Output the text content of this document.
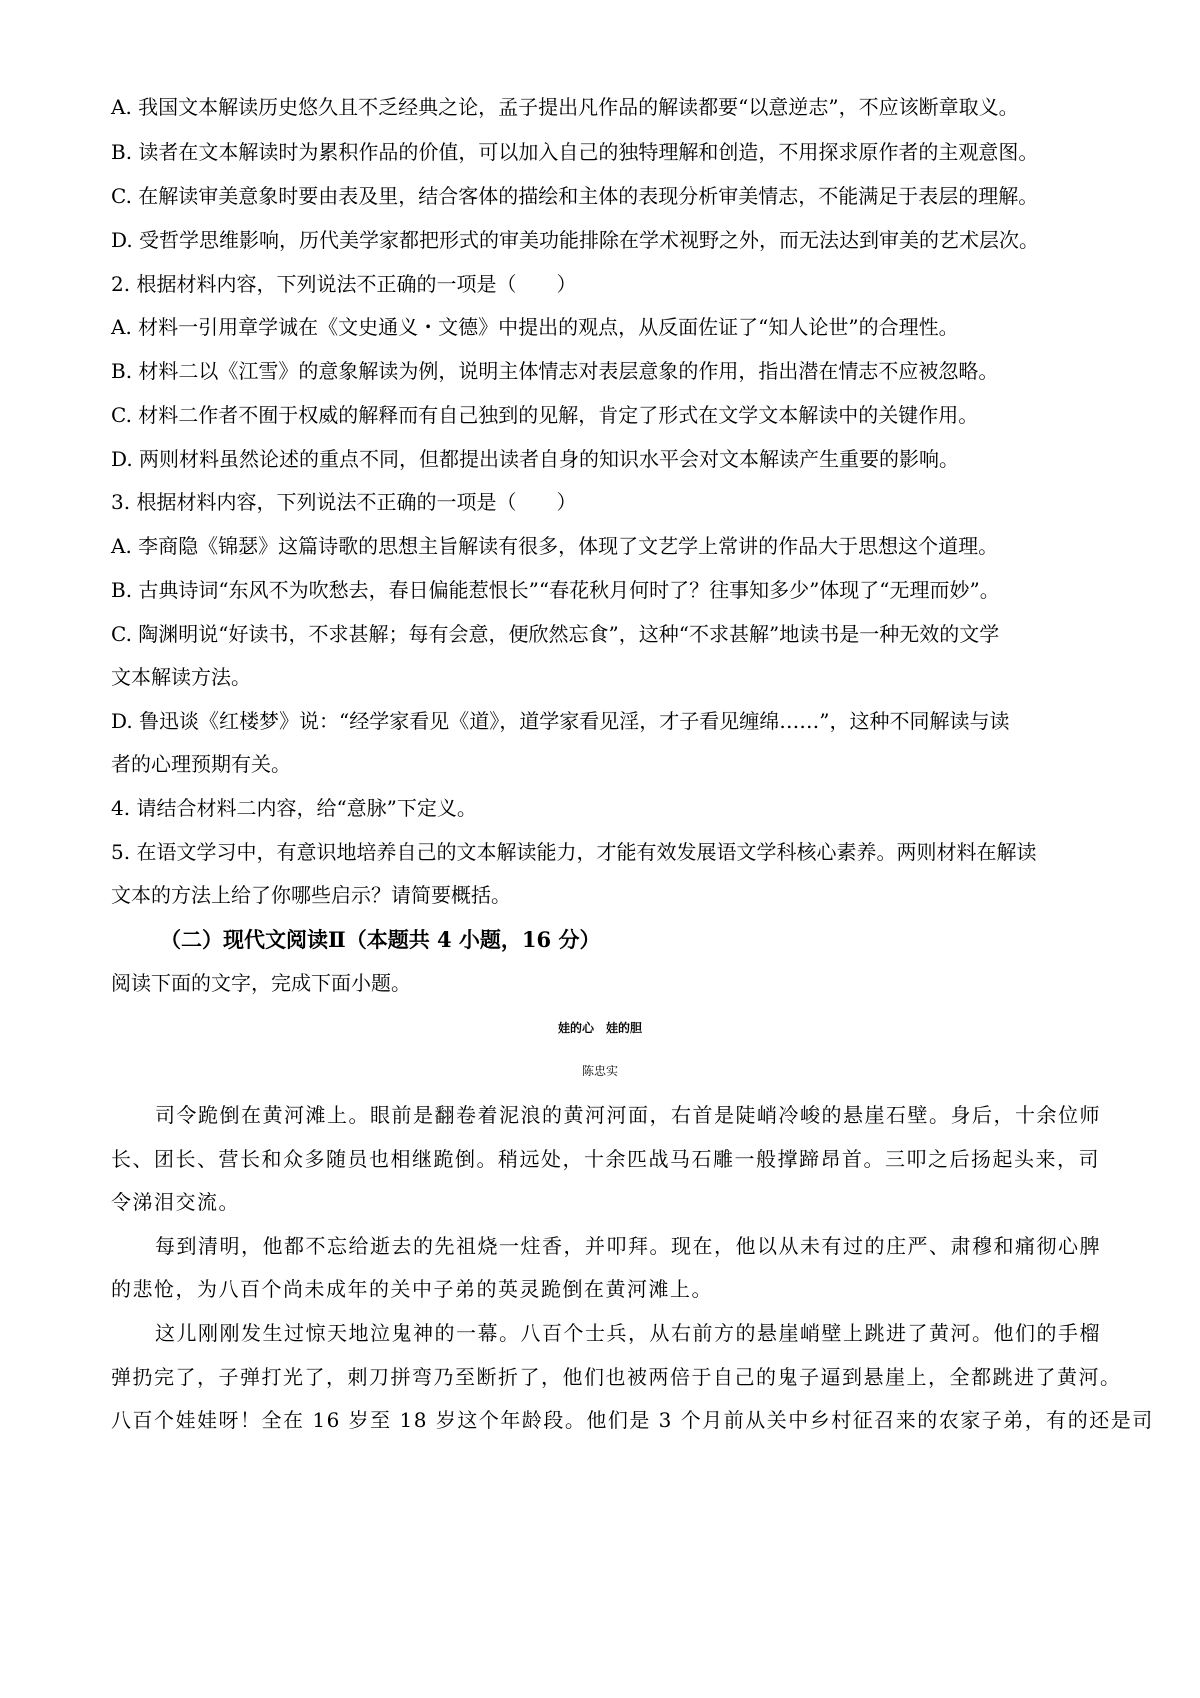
A. 我国文本解读历史悠久且不乏经典之论，孟子提出凡作品的解读都要“以意逆志”，不应该断章取义。
B. 读者在文本解读时为累积作品的价值，可以加入自己的独特理解和创造，不用探求原作者的主观意图。
C. 在解读审美意象时要由表及里，结合客体的描绘和主体的表现分析审美情志，不能满足于表层的理解。
D. 受哲学思维影响，历代美学家都把形式的审美功能排除在学术视野之外，而无法达到审美的艺术层次。
2. 根据材料内容，下列说法不正确的一项是（　　）
A. 材料一引用章学诚在《文史通义・文德》中提出的观点，从反面佐证了“知人论世”的合理性。
B. 材料二以《江雪》的意象解读为例，说明主体情志对表层意象的作用，指出潜在情志不应被忽略。
C. 材料二作者不囿于权威的解释而有自己独到的见解，肯定了形式在文学文本解读中的关键作用。
D. 两则材料虽然论述的重点不同，但都提出读者自身的知识水平会对文本解读产生重要的影响。
3. 根据材料内容，下列说法不正确的一项是（　　）
A. 李商隐《锦瑟》这篇诗歌的思想主旨解读有很多，体现了文艺学上常讲的作品大于思想这个道理。
B. 古典诗词“东风不为吹愁去，春日偏能惹恨长”“春花秋月何时了？往事知多少”体现了“无理而妙”。
C. 陶渊明说“好读书，不求甚解；每有会意，便欣然忘食”，这种“不求甚解”地读书是一种无效的文学
文本解读方法。
D. 鲁迅谈《红楼梦》说：“经学家看见《道》，道学家看见淫，才子看见缠绵……”，这种不同解读与读
者的心理预期有关。
4. 请结合材料二内容，给“意脉”下定义。
5. 在语文学习中，有意识地培养自己的文本解读能力，才能有效发展语文学科核心素养。两则材料在解读
文本的方法上给了你哪些启示？请简要概括。
（二）现代文阅读Ⅱ（本题共 4 小题，16 分）
阅读下面的文字，完成下面小题。
娃的心　娃的胆
陈忠实
司令跪倒在黄河滩上。眼前是翻卷着泥浪的黄河河面，右首是陡峭冷峻的悬崖石壁。身后，十余位师
长、团长、营长和众多随员也相继跪倒。稍远处，十余匹战马石雕一般撑蹄昂首。三叩之后扬起头来，司
令涕泪交流。
每到清明，他都不忘给逝去的先祖烧一炷香，并叩拜。现在，他以从未有过的庄严、肃穆和痛彻心脾
的悲怆，为八百个尚未成年的关中子弟的英灵跪倒在黄河滩上。
这儿刚刚发生过惊天地泣鬼神的一幕。八百个士兵，从右前方的悬崖峭壁上跳进了黄河。他们的手榴
弹扔完了，子弹打光了，刺刀拼弯乃至断折了，他们也被两倍于自己的鬼子逼到悬崖上，全都跳进了黄河。
八百个娃娃呀！全在 16 岁至 18 岁这个年龄段。他们是 3 个月前从关中乡村征召来的农家子弟，有的还是司
